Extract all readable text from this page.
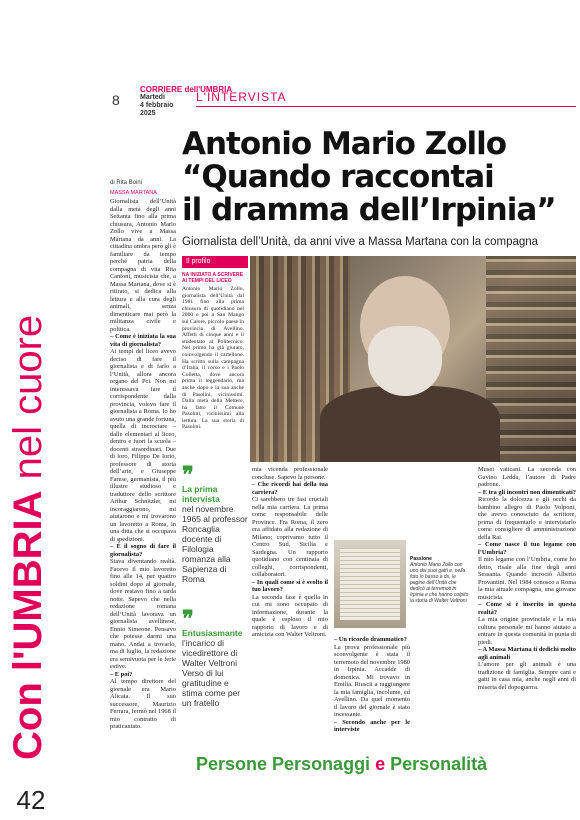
Con l'UMBRIA nel cuore
42
8
CORRIERE dell'UMBRIA
Martedì
4 febbraio
2025
L'INTERVISTA
Antonio Mario Zollo
“Quando raccontai
il dramma dell’Irpinia”
Giornalista dell’Unità, da anni vive a Massa Martana con la compagna
di Rita Boini
MASSA MARTANA
Giornalista dell’Unità dalla metà degli anni Settanta fino alla prima chiusura, Antonio Mario Zollo vive a Massa Martana da anni. La cittadina umbra però gli è familiare da tempo perché patria della compagna di vita Rita Cantoni, musicista che, a Massa Martana, dove si è ritirato, si dedica alla lettura e alla cura degli animali, senza dimenticare mai però la militanza civile e politica.
– Come è iniziata la sua vita di giornalista?
Ai tempi del liceo avevo deciso di fare il giornalista e di farlo a l’Unità, allora ancora organo del Pci. Non mi interessava fare il corrispondente dalla provincia, volevo fare il giornalista a Roma. Io ho avuto una grande fortuna, quella di incrociare – dalle elementari al liceo, dentro e fuori la scuola – docenti straordinari. Due di loro, Filippo De Iorio, professore di storia dell’arte, e Giuseppe Farese, germanista, il più illustre studioso e traduttore dello scrittore Arthur Schnitzler, mi incoraggiarono, mi aiutarono e mi trovarono un lavoretto a Roma, in una ditta che si occupava di spedizioni.
– È il sogno di fare il giornalista?
Stava diventando realtà. Facevo il mio lavoretto fino alle 14, per quattro soldini dopo al giornale, dove restavo fino a tarda notte. Sapevo che nella redazione romana dell’Unità lavorava un giornalista avellinese, Ennio Simeone. Pensavo che potesse darmi una mano. Andai a trovarlo, ma di luglio, la redazione era semivuota per le ferie estive.
– E poi?
Al tempo direttore del giornale era Mario Alicata. Il suo successore, Maurizio Ferrara, fermò nel 1968 il mio contratto di praticantato.
Il profilo
NA INIZIATO A SCRIVERE AI TEMPI DEL LICEO
Antonio Mario Zollo, giornalista dell’Unità dal 1981 fino alla prima chiusura di quotidiano nel 2000 e poi a San Mango sul Calore, piccolo paese in provincia di Avellino. Affetti di cinque anni e il studentato al Politecnico. Nel primo ha già giurato, coinvolgendo il cartellone. Ha scritto sulla campagna d’Italia, il corso e i Paolo Colletta, dove ancora prima il leggendario, ma anche dopo e la sua anche di Pasolini, vicinissimi. Dalla metà della Mettere, ha fatto il Comune Pasolini, vicinissimi alla lettura. La sua storia di Pasolini.
❞
La prima intervista
nel novembre 1965 al professor Roncaglia docente di Filologia romanza alla Sapienza di Roma
❞
Entusiasmante
l’incarico di vicedirettore di Walter Veltroni Verso di lui gratitudine e stima come per un fratello
mia vicenda professionale concluse. Sapevo la persone.
– Che ricordi hai della tua carriera?
Ci sarebbero tre fasi cruciali nella mia carriera. La prima come responsabile delle Province. Fra Roma, il zero era affidato alla redazione di Milano; coprivamo tutto il Centro Sud, Sicilia e Sardegna. Un rapporto quotidiano con centinaia di colleghi, corrispondenti, collaboratori.
– In quali come si è svolto il tuo lavoro?
La seconda fase è quella in cui mi sono occupato di informazione, durante la quale è esploso il mio rapporto di lavoro e di amicizia con Walter Veltroni.
Passione
Antonio Mario Zollo con uno dei suoi gatti e, nella foto in basso a dx, le pagine dell’Unità che dedicò ai terremoti in Irpinia e che hanno colpito la storia di Walter Veltroni
– Un ricordo drammatico?
La prova professionale più sconvolgente è stata il terremoto del novembre 1980 in Irpinia. Accadde di domenica. Mi trovavo in Emilia. Riuscii a raggiungere la mia famiglia, incolume, ed Avellino. Da quel momento il lavoro del giornale è stato incessante.
– Secondo anche per le interviste
Musei vaticani. La seconda con Gavino Ledda, l’autore di Padre padrone.
– E tra gli incontri non dimenticati?
Ricordo la dolcezza e gli occhi da bambino allegro di Paolo Volponi, che avevo conosciuto da scrittore, prima di frequentarlo e intervistarlo come consigliere di amministrazione della Rai.
– Come nasce il tuo legame con l’Umbria?
Il mio legame con l’Umbria, come ho detto, risale alla fine degli anni Sessanta. Quando incrociò Alberto Provantini. Nel 1984 conosco a Roma la mia attuale compagna, una giovane musicista.
– Come si è inserito in questa realtà?
La mia origine provinciale e la mia cultura personale mi hanno aiutato a entrare in questa comunità in punta di piedi.
– A Massa Martana ti dedichi molto agli animali
L’amore per gli animali è una tradizione di famiglia. Sempre cani e gatti in casa mia, anche negli anni di miseria del dopoguerra.
Persone Personaggi e Personalità
